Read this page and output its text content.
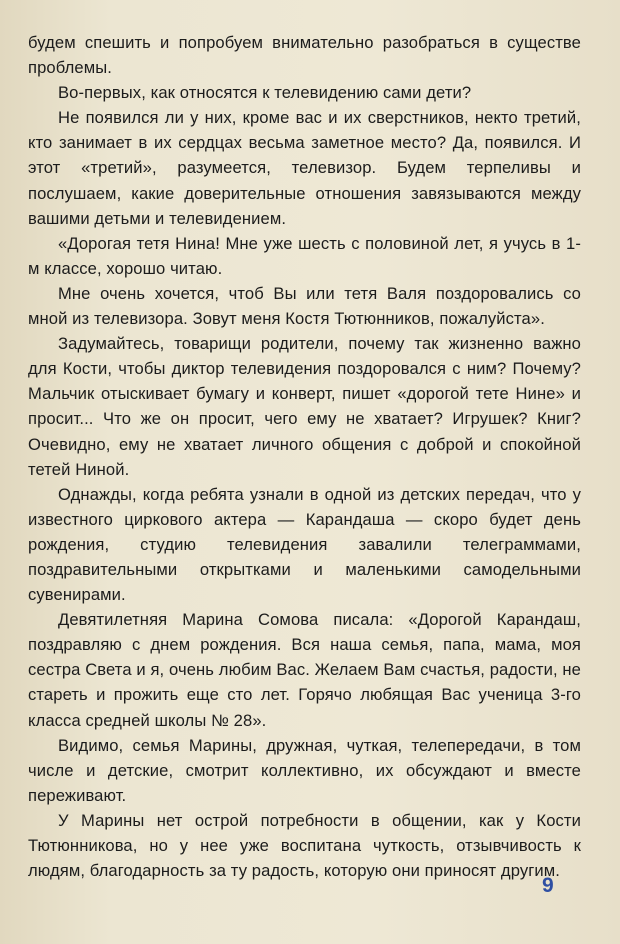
будем спешить и попробуем внимательно разобраться в существе проблемы.

Во-первых, как относятся к телевидению сами дети?

Не появился ли у них, кроме вас и их сверстников, некто третий, кто занимает в их сердцах весьма заметное место? Да, появился. И этот «третий», разумеется, телевизор. Будем терпеливы и послушаем, какие доверительные отношения завязываются между вашими детьми и телевидением.

«Дорогая тетя Нина! Мне уже шесть с половиной лет, я учусь в 1-м классе, хорошо читаю.

Мне очень хочется, чтоб Вы или тетя Валя поздоровались со мной из телевизора. Зовут меня Костя Тютюнников, пожалуйста».

Задумайтесь, товарищи родители, почему так жизненно важно для Кости, чтобы диктор телевидения поздоровался с ним? Почему? Мальчик отыскивает бумагу и конверт, пишет «дорогой тете Нине» и просит... Что же он просит, чего ему не хватает? Игрушек? Книг? Очевидно, ему не хватает личного общения с доброй и спокойной тетей Ниной.

Однажды, когда ребята узнали в одной из детских передач, что у известного циркового актера — Карандаша — скоро будет день рождения, студию телевидения завалили телеграммами, поздравительными открытками и маленькими самодельными сувенирами.

Девятилетняя Марина Сомова писала: «Дорогой Карандаш, поздравляю с днем рождения. Вся наша семья, папа, мама, моя сестра Света и я, очень любим Вас. Желаем Вам счастья, радости, не стареть и прожить еще сто лет. Горячо любящая Вас ученица 3-го класса средней школы № 28».

Видимо, семья Марины, дружная, чуткая, телепередачи, в том числе и детские, смотрит коллективно, их обсуждают и вместе переживают.

У Марины нет острой потребности в общении, как у Кости Тютюнникова, но у нее уже воспитана чуткость, отзывчивость к людям, благодарность за ту радость, которую они приносят другим.

9
